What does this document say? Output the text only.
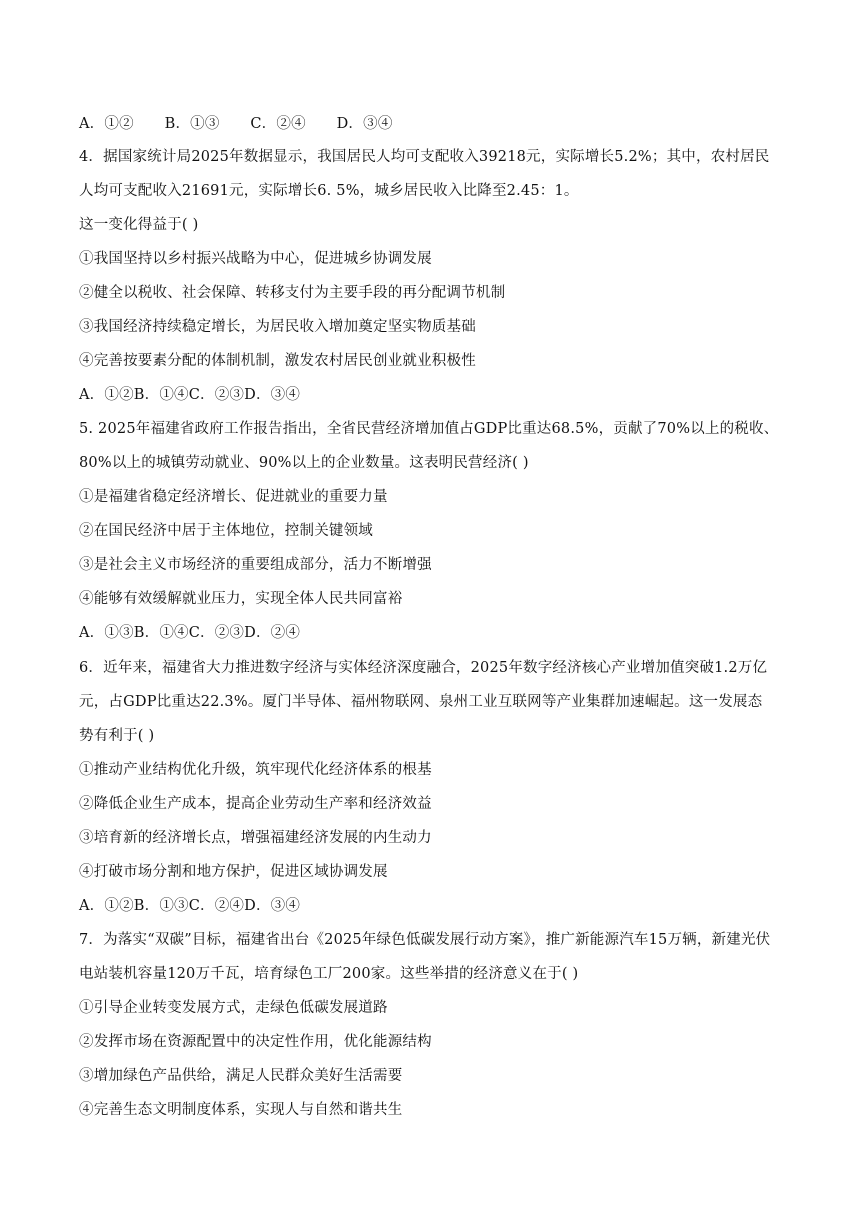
A．①② B．①③ C．②④ D．③④
4．据国家统计局2025年数据显示，我国居民人均可支配收入39218元，实际增长5.2%；其中，农村居民
人均可支配收入21691元，实际增长6. 5%，城乡居民收入比降至2.45：1。
这一变化得益于( )
①我国坚持以乡村振兴战略为中心，促进城乡协调发展
②健全以税收、社会保障、转移支付为主要手段的再分配调节机制
③我国经济持续稳定增长，为居民收入增加奠定坚实物质基础
④完善按要素分配的体制机制，激发农村居民创业就业积极性
A．①②B．①④C．②③D．③④
5. 2025年福建省政府工作报告指出，全省民营经济增加值占GDP比重达68.5%，贡献了70%以上的税收、
80%以上的城镇劳动就业、90%以上的企业数量。这表明民营经济( )
①是福建省稳定经济增长、促进就业的重要力量
②在国民经济中居于主体地位，控制关键领域
③是社会主义市场经济的重要组成部分，活力不断增强
④能够有效缓解就业压力，实现全体人民共同富裕
A．①③B．①④C．②③D．②④
6．近年来，福建省大力推进数字经济与实体经济深度融合，2025年数字经济核心产业增加值突破1.2万亿
元，占GDP比重达22.3%。厦门半导体、福州物联网、泉州工业互联网等产业集群加速崛起。这一发展态
势有利于( )
①推动产业结构优化升级，筑牢现代化经济体系的根基
②降低企业生产成本，提高企业劳动生产率和经济效益
③培育新的经济增长点，增强福建经济发展的内生动力
④打破市场分割和地方保护，促进区域协调发展
A．①②B．①③C．②④D．③④
7．为落实“双碳”目标，福建省出台《2025年绿色低碳发展行动方案》，推广新能源汽车15万辆，新建光伏
电站装机容量120万千瓦，培育绿色工厂200家。这些举措的经济意义在于( )
①引导企业转变发展方式，走绿色低碳发展道路
②发挥市场在资源配置中的决定性作用，优化能源结构
③增加绿色产品供给，满足人民群众美好生活需要
④完善生态文明制度体系，实现人与自然和谐共生
